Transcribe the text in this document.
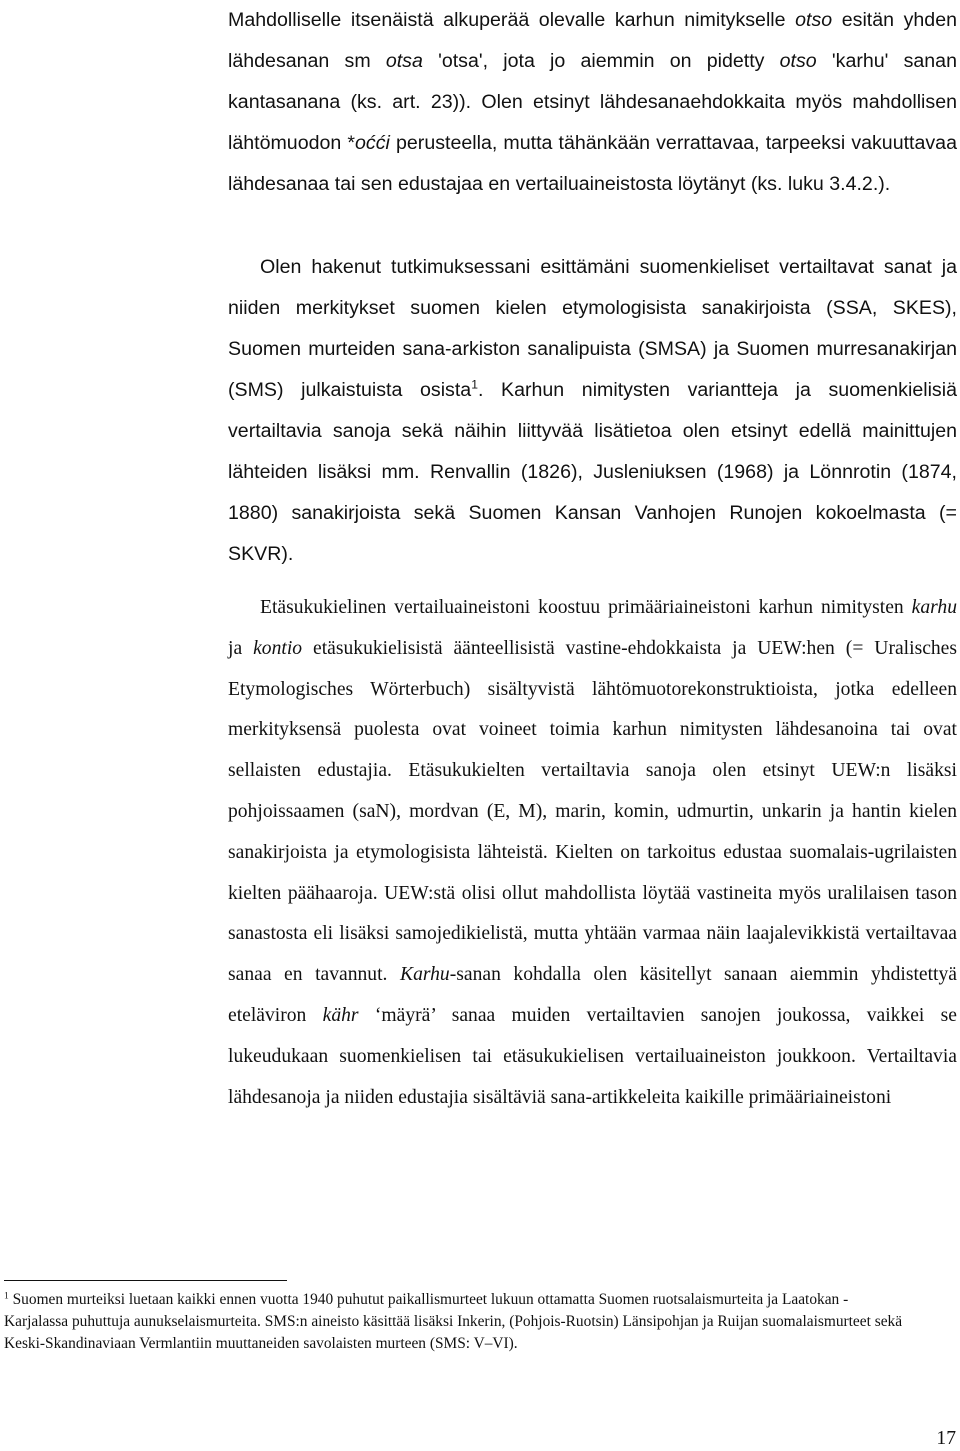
Mahdolliselle itsenäistä alkuperää olevalle karhun nimitykselle otso esitän yhden lähdesanan sm otsa 'otsa', jota jo aiemmin on pidetty otso 'karhu' sanan kantasanana (ks. art. 23)). Olen etsinyt lähdesanaehdokkaita myös mahdollisen lähtömuodon *oćći perusteella, mutta tähänkään verrattavaa, tarpeeksi vakuuttavaa lähdesanaa tai sen edustajaa en vertailuaineistosta löytänyt (ks. luku 3.4.2.).

Olen hakenut tutkimuksessani esittämäni suomenkieliset vertailtavat sanat ja niiden merkitykset suomen kielen etymologisista sanakirjoista (SSA, SKES), Suomen murteiden sana-arkiston sanalipuista (SMSA) ja Suomen murresanakirjan (SMS) julkaistuista osista$^1$. Karhun nimitysten variantteja ja suomenkielisiä vertailtavia sanoja sekä näihin liittyvää lisätietoa olen etsinyt edellä mainittujen lähteiden lisäksi mm. Renvallin (1826), Jusleniuksen (1968) ja Lönnrotin (1874, 1880) sanakirjoista sekä Suomen Kansan Vanhojen Runojen kokoelmasta (= SKVR).

Etäsukukielinen vertailuaineistoni koostuu primääriaineistoni karhun nimitysten karhu ja kontio etäsukukielisistä äänteellisistä vastine-ehdokkaista ja UEW:hen (= Uralisches Etymologisches Wörterbuch) sisältyvistä lähtömuotorekonstruktioista, jotka edelleen merkityksensä puolesta ovat voineet toimia karhun nimitysten lähdesanoina tai ovat sellaisten edustajia. Etäsukukielten vertailtavia sanoja olen etsinyt UEW:n lisäksi pohjoissaamen (saN), mordvan (E, M), marin, komin, udmurtin, unkarin ja hantin kielen sanakirjoista ja etymologisista lähteistä. Kielten on tarkoitus edustaa suomalais-ugrilaisten kielten päähaaroja. UEW:stä olisi ollut mahdollista löytää vastineita myös uralilaisen tason sanastosta eli lisäksi samojedikielistä, mutta yhtään varmaa näin laajalevikkistä vertailtavaa sanaa en tavannut. Karhu-sanan kohdalla olen käsitellyt sanaan aiemmin yhdistettyä eteläviron kähr ‘mäyrä’ sanaa muiden vertailtavien sanojen joukossa, vaikkei se lukeudukaan suomenkielisen tai etäsukukielisen vertailuaineiston joukkoon. Vertailtavia lähdesanoja ja niiden edustajia sisältäviä sana-artikkeleita kaikille primääriaineistoni

$^1$ Suomen murteiksi luetaan kaikki ennen vuotta 1940 puhutut paikallismurteet lukuun ottamatta Suomen ruotsalaismurteita ja Laatokan -Karjalassa puhuttuja aunukselaismurteita. SMS:n aineisto käsittää lisäksi Inkerin, (Pohjois-Ruotsin) Länsipohjan ja Ruijan suomalaismurteet sekä Keski-Skandinaviaan Vermlantiin muuttaneiden savolaisten murteen (SMS: V‒VI).

17
